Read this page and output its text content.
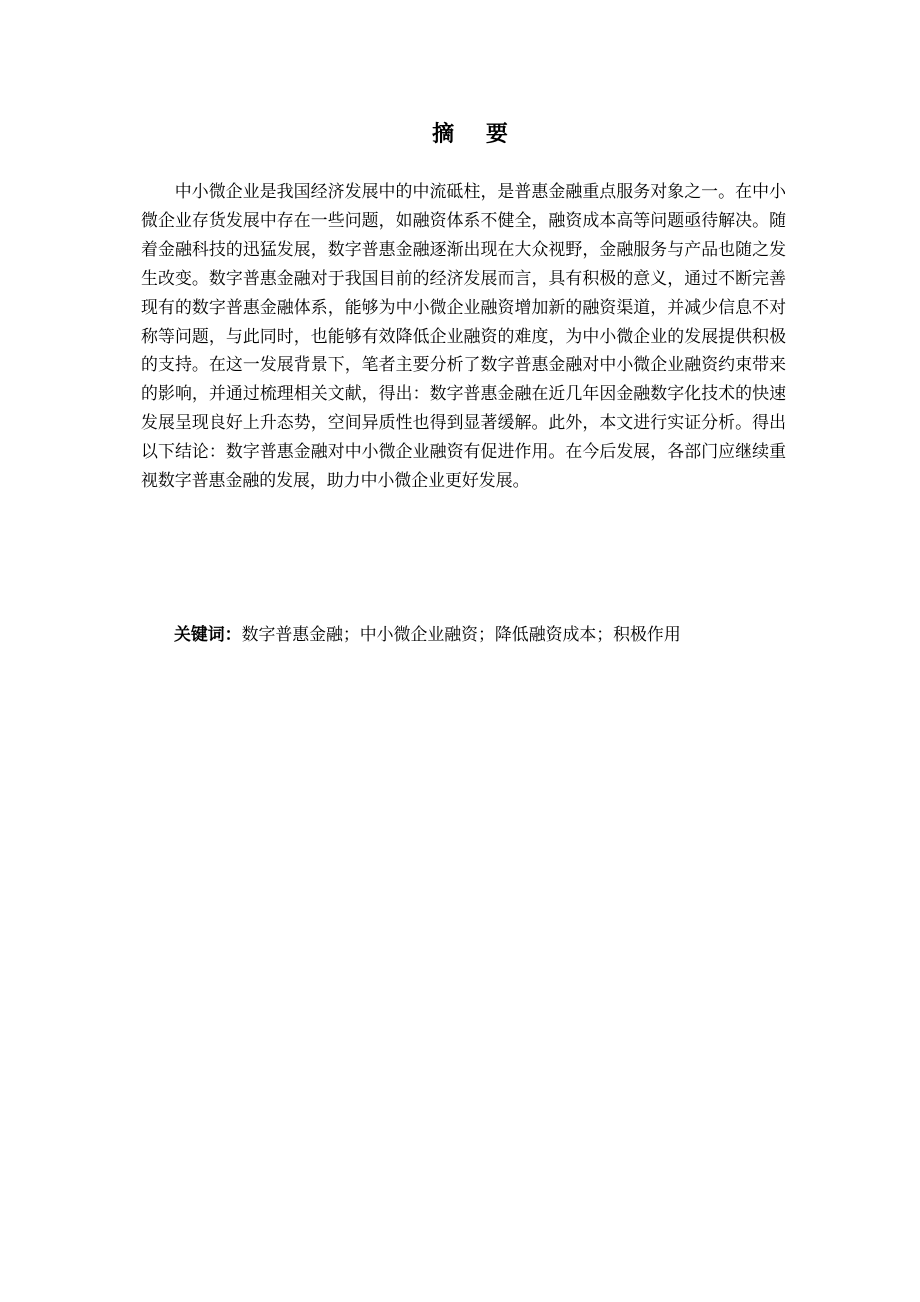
摘 要

中小微企业是我国经济发展中的中流砥柱，是普惠金融重点服务对象之一。在中小微企业存货发展中存在一些问题，如融资体系不健全，融资成本高等问题亟待解决。随着金融科技的迅猛发展，数字普惠金融逐渐出现在大众视野，金融服务与产品也随之发生改变。数字普惠金融对于我国目前的经济发展而言，具有积极的意义，通过不断完善现有的数字普惠金融体系，能够为中小微企业融资增加新的融资渠道，并减少信息不对称等问题，与此同时，也能够有效降低企业融资的难度，为中小微企业的发展提供积极的支持。在这一发展背景下，笔者主要分析了数字普惠金融对中小微企业融资约束带来的影响，并通过梳理相关文献，得出：数字普惠金融在近几年因金融数字化技术的快速发展呈现良好上升态势，空间异质性也得到显著缓解。此外，本文进行实证分析。得出以下结论：数字普惠金融对中小微企业融资有促进作用。在今后发展，各部门应继续重视数字普惠金融的发展，助力中小微企业更好发展。

关键词：数字普惠金融；中小微企业融资；降低融资成本；积极作用
